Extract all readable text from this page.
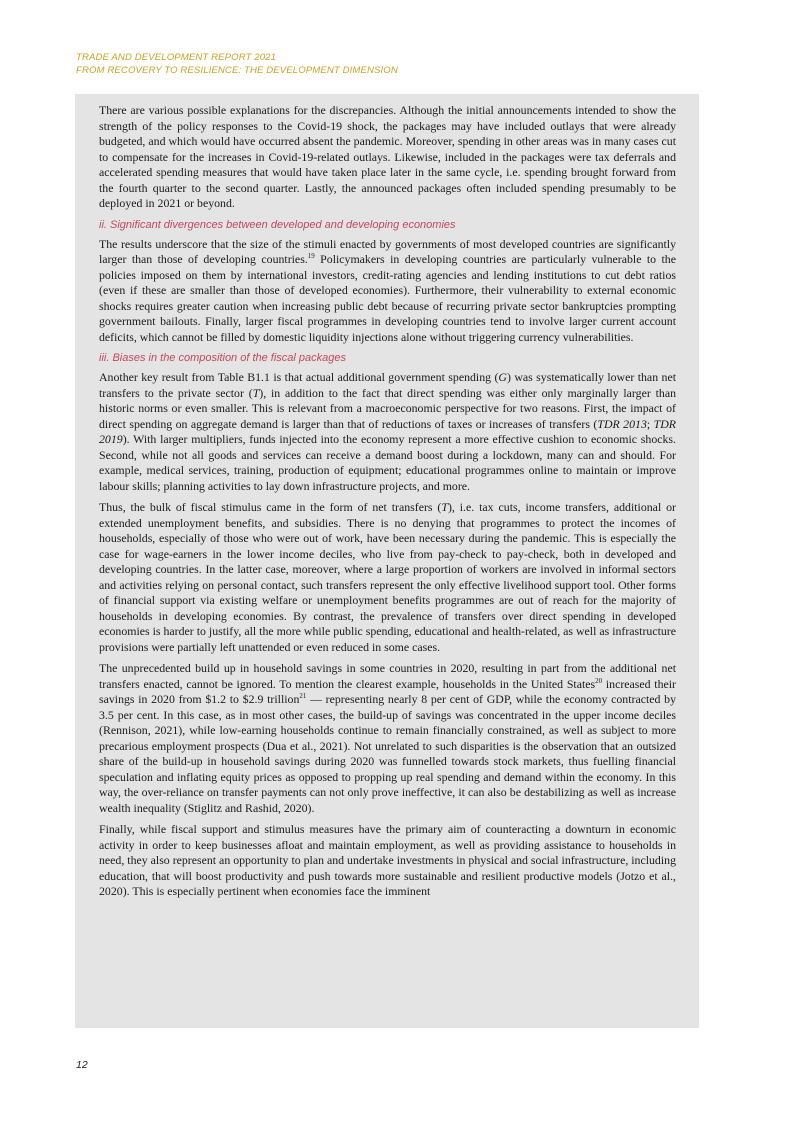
TRADE AND DEVELOPMENT REPORT 2021
FROM RECOVERY TO RESILIENCE: THE DEVELOPMENT DIMENSION

There are various possible explanations for the discrepancies. Although the initial announcements intended to show the strength of the policy responses to the Covid-19 shock, the packages may have included outlays that were already budgeted, and which would have occurred absent the pandemic. Moreover, spending in other areas was in many cases cut to compensate for the increases in Covid-19-related outlays. Likewise, included in the packages were tax deferrals and accelerated spending measures that would have taken place later in the same cycle, i.e. spending brought forward from the fourth quarter to the second quarter. Lastly, the announced packages often included spending presumably to be deployed in 2021 or beyond.

ii. Significant divergences between developed and developing economies

The results underscore that the size of the stimuli enacted by governments of most developed countries are significantly larger than those of developing countries.$^{19}$ Policymakers in developing countries are particularly vulnerable to the policies imposed on them by international investors, credit-rating agencies and lending institutions to cut debt ratios (even if these are smaller than those of developed economies). Furthermore, their vulnerability to external economic shocks requires greater caution when increasing public debt because of recurring private sector bankruptcies prompting government bailouts. Finally, larger fiscal programmes in developing countries tend to involve larger current account deficits, which cannot be filled by domestic liquidity injections alone without triggering currency vulnerabilities.

iii. Biases in the composition of the fiscal packages

Another key result from Table B1.1 is that actual additional government spending (G) was systematically lower than net transfers to the private sector (T), in addition to the fact that direct spending was either only marginally larger than historic norms or even smaller. This is relevant from a macroeconomic perspective for two reasons. First, the impact of direct spending on aggregate demand is larger than that of reductions of taxes or increases of transfers (TDR 2013; TDR 2019). With larger multipliers, funds injected into the economy represent a more effective cushion to economic shocks. Second, while not all goods and services can receive a demand boost during a lockdown, many can and should. For example, medical services, training, production of equipment; educational programmes online to maintain or improve labour skills; planning activities to lay down infrastructure projects, and more.

Thus, the bulk of fiscal stimulus came in the form of net transfers (T), i.e. tax cuts, income transfers, additional or extended unemployment benefits, and subsidies. There is no denying that programmes to protect the incomes of households, especially of those who were out of work, have been necessary during the pandemic. This is especially the case for wage-earners in the lower income deciles, who live from pay-check to pay-check, both in developed and developing countries. In the latter case, moreover, where a large proportion of workers are involved in informal sectors and activities relying on personal contact, such transfers represent the only effective livelihood support tool. Other forms of financial support via existing welfare or unemployment benefits programmes are out of reach for the majority of households in developing economies. By contrast, the prevalence of transfers over direct spending in developed economies is harder to justify, all the more while public spending, educational and health-related, as well as infrastructure provisions were partially left unattended or even reduced in some cases.

The unprecedented build up in household savings in some countries in 2020, resulting in part from the additional net transfers enacted, cannot be ignored. To mention the clearest example, households in the United States$^{20}$ increased their savings in 2020 from $1.2 to $2.9 trillion$^{21}$ — representing nearly 8 per cent of GDP, while the economy contracted by 3.5 per cent. In this case, as in most other cases, the build-up of savings was concentrated in the upper income deciles (Rennison, 2021), while low-earning households continue to remain financially constrained, as well as subject to more precarious employment prospects (Dua et al., 2021). Not unrelated to such disparities is the observation that an outsized share of the build-up in household savings during 2020 was funnelled towards stock markets, thus fuelling financial speculation and inflating equity prices as opposed to propping up real spending and demand within the economy. In this way, the over-reliance on transfer payments can not only prove ineffective, it can also be destabilizing as well as increase wealth inequality (Stiglitz and Rashid, 2020).

Finally, while fiscal support and stimulus measures have the primary aim of counteracting a downturn in economic activity in order to keep businesses afloat and maintain employment, as well as providing assistance to households in need, they also represent an opportunity to plan and undertake investments in physical and social infrastructure, including education, that will boost productivity and push towards more sustainable and resilient productive models (Jotzo et al., 2020). This is especially pertinent when economies face the imminent

12
